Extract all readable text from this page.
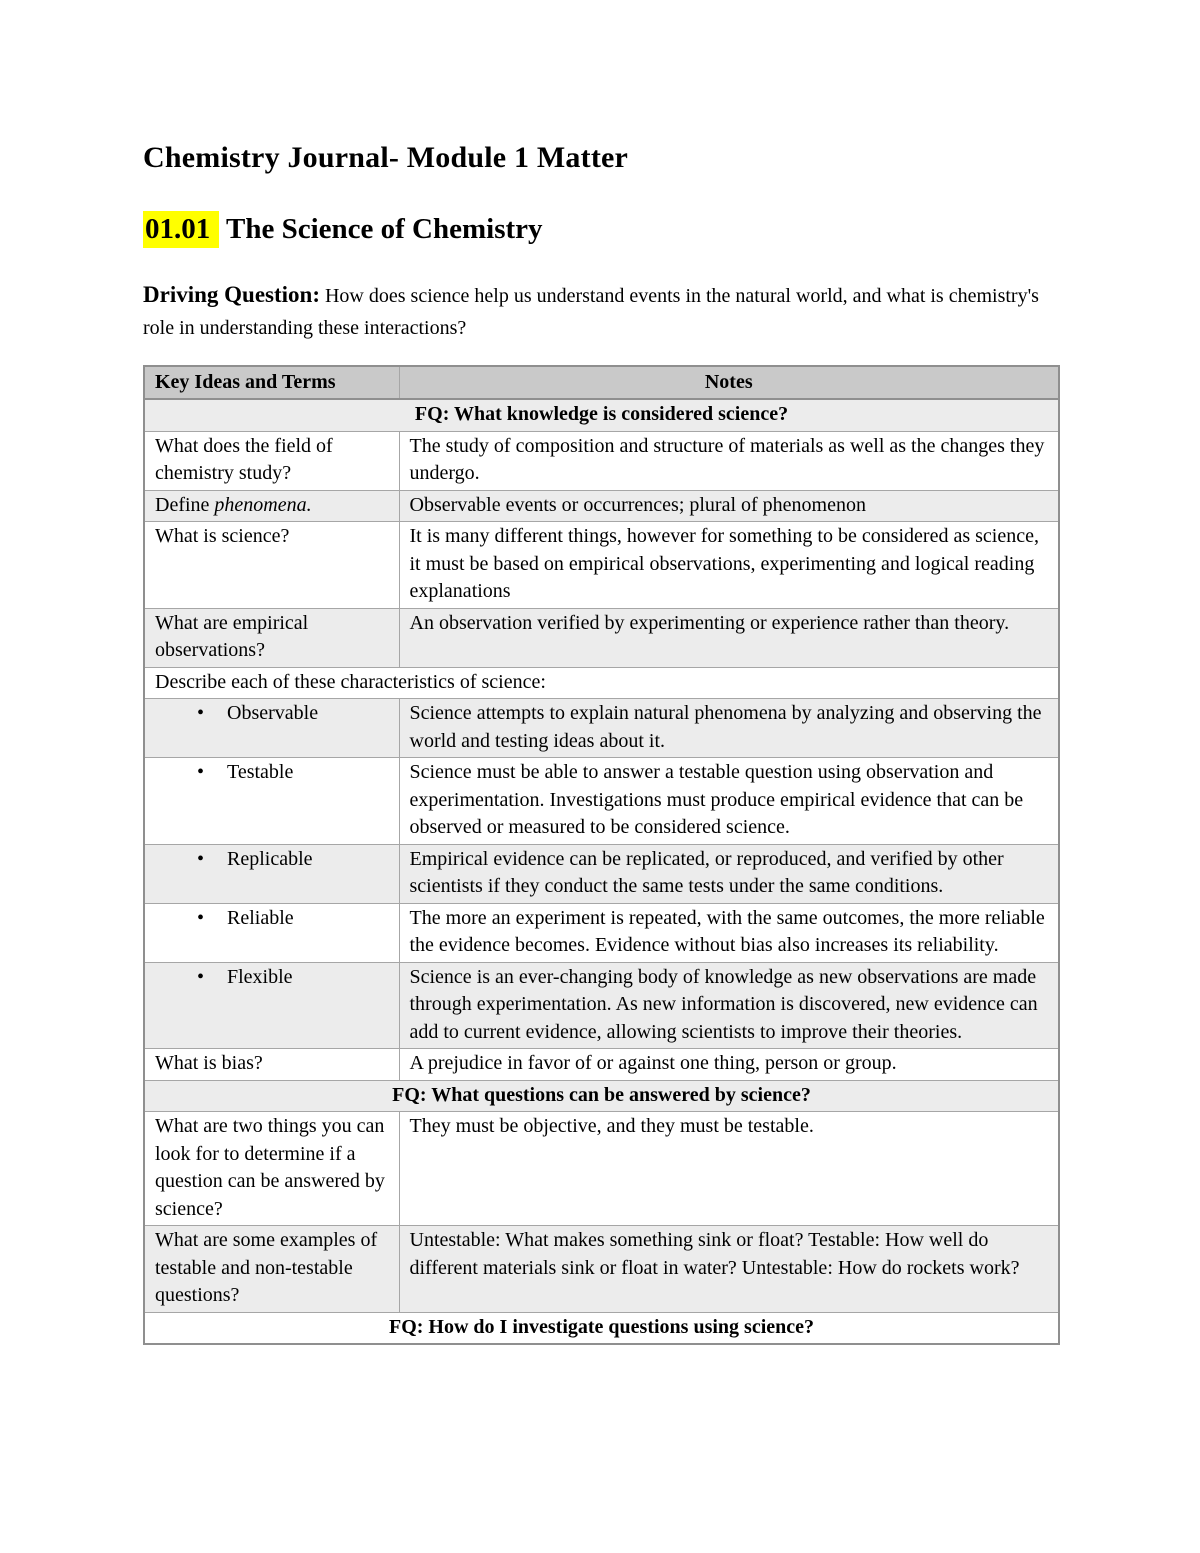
Chemistry Journal- Module 1 Matter
01.01 The Science of Chemistry

Driving Question: How does science help us understand events in the natural world, and what is chemistry's role in understanding these interactions?

Key Ideas and Terms	Notes
FQ: What knowledge is considered science?	
What does the field of chemistry study?	The study of composition and structure of materials as well as the changes they undergo.
Define phenomena.	Observable events or occurrences; plural of phenomenon
What is science?	It is many different things, however for something to be considered as science, it must be based on empirical observations, experimenting and logical reading explanations
What are empirical observations?	An observation verified by experimenting or experience rather than theory.
Describe each of these characteristics of science:	
• Observable	Science attempts to explain natural phenomena by analyzing and observing the world and testing ideas about it.
• Testable	Science must be able to answer a testable question using observation and experimentation. Investigations must produce empirical evidence that can be observed or measured to be considered science.
• Replicable	Empirical evidence can be replicated, or reproduced, and verified by other scientists if they conduct the same tests under the same conditions.
• Reliable	The more an experiment is repeated, with the same outcomes, the more reliable the evidence becomes. Evidence without bias also increases its reliability.
• Flexible	Science is an ever-changing body of knowledge as new observations are made through experimentation. As new information is discovered, new evidence can add to current evidence, allowing scientists to improve their theories.
What is bias?	A prejudice in favor of or against one thing, person or group.
FQ: What questions can be answered by science?	
What are two things you can look for to determine if a question can be answered by science?	They must be objective, and they must be testable.
What are some examples of testable and non-testable questions?	Untestable: What makes something sink or float? Testable: How well do different materials sink or float in water? Untestable: How do rockets work?
FQ: How do I investigate questions using science?	
